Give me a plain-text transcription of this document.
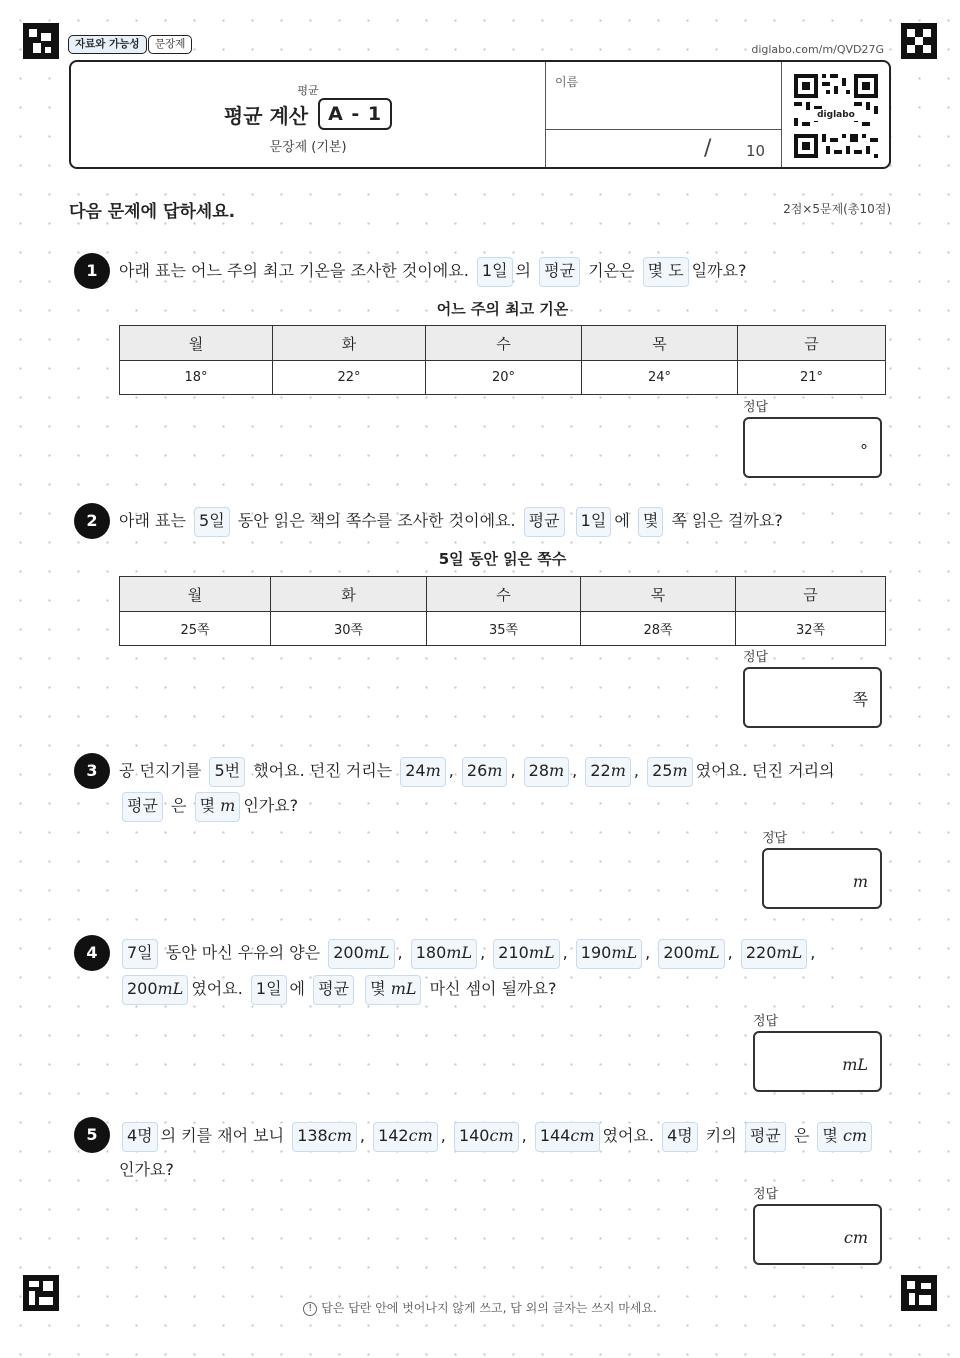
자료와 가능성	문장제	diglabo.com/m/QVD27G
평균
평균 계산	A - 1
문장제 (기본)
이름
/ 10
diglabo
다음 문제에 답하세요.	2점×5문제(총10점)
1	아래 표는 어느 주의 최고 기온을 조사한 것이에요. 1일 의 평균 기온은 몇 도 일까요?
어느 주의 최고 기온
월	화	수	목	금
18°	22°	20°	24°	21°
정답
°
2	아래 표는 5일 동안 읽은 책의 쪽수를 조사한 것이에요. 평균 1일 에 몇 쪽 읽은 걸까요?
5일 동안 읽은 쪽수
월	화	수	목	금
25쪽	30쪽	35쪽	28쪽	32쪽
정답
쪽
3	공 던지기를 5번 했어요. 던진 거리는 24m , 26m , 28m , 22m , 25m 였어요. 던진 거리의
평균 은 몇 m 인가요?
정답
m
4	7일 동안 마신 우유의 양은 200mL , 180mL , 210mL , 190mL , 200mL , 220mL ,
200mL 였어요. 1일 에 평균 몇 mL 마신 셈이 될까요?
정답
mL
5	4명 의 키를 재어 보니 138cm , 142cm , 140cm , 144cm 였어요. 4명 키의 평균 은 몇 cm
인가요?
정답
cm
! 답은 답란 안에 벗어나지 않게 쓰고, 답 외의 글자는 쓰지 마세요.
